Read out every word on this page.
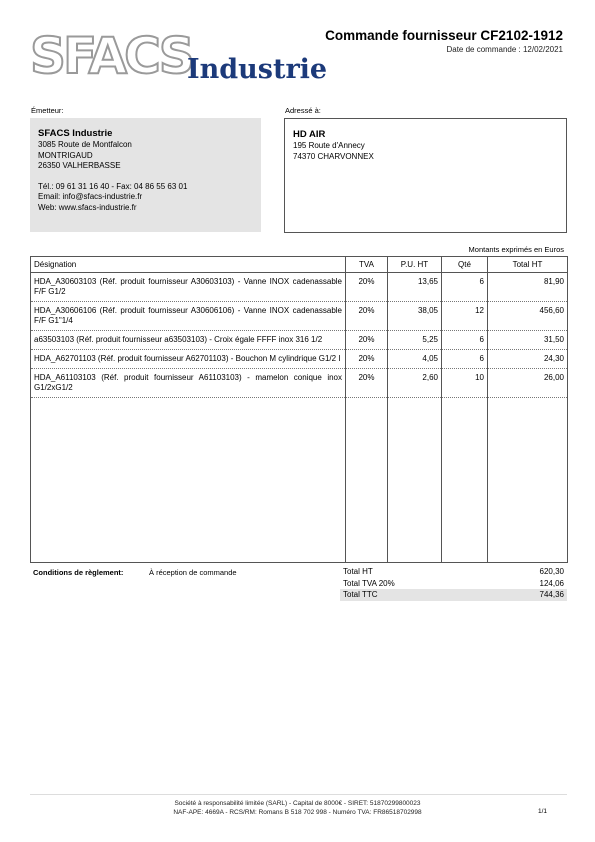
SFACS
Industrie
Commande fournisseur CF2102-1912
Date de commande : 12/02/2021
Émetteur:	Adressé à:
SFACS Industrie
3085 Route de Montfalcon
MONTRIGAUD
26350 VALHERBASSE
Tél.: 09 61 31 16 40 - Fax: 04 86 55 63 01
Email: info@sfacs-industrie.fr
Web: www.sfacs-industrie.fr
HD AIR
195 Route d'Annecy
74370 CHARVONNEX
Montants exprimés en Euros
Désignation	TVA	P.U. HT	Qté	Total HT
HDA_A30603103 (Réf. produit fournisseur A30603103) - Vanne INOX cadenassable F/F G1/2	20%	13,65	6	81,90
HDA_A30606106 (Réf. produit fournisseur A30606106) - Vanne INOX cadenassable F/F G1"1/4	20%	38,05	12	456,60
a63503103 (Réf. produit fournisseur a63503103) - Croix égale FFFF inox 316 1/2	20%	5,25	6	31,50
HDA_A62701103 (Réf. produit fournisseur A62701103) - Bouchon M cylindrique G1/2 I	20%	4,05	6	24,30
HDA_A61103103 (Réf. produit fournisseur A61103103) - mamelon conique inox G1/2xG1/2	20%	2,60	10	26,00

Conditions de règlement:	À réception de commande	Total HT	620,30
Total TVA 20%	124,06
Total TTC	744,36
Société à responsabilité limitée (SARL) - Capital de 8000€ - SIRET: 51870299800023
NAF-APE: 4669A - RCS/RM: Romans B 518 702 998 - Numéro TVA: FR86518702998	1/1
